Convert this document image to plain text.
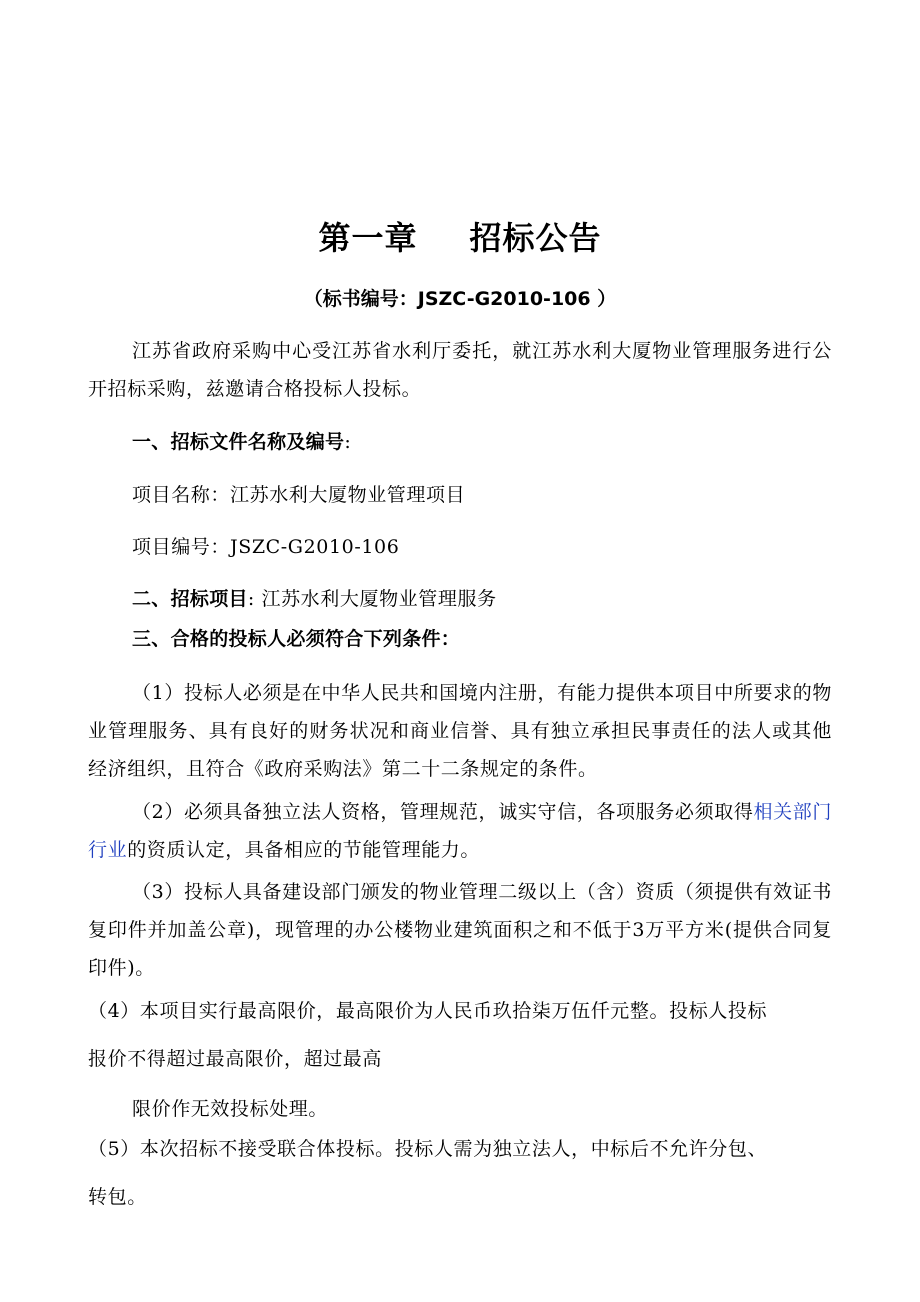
第一章 招标公告
（标书编号：JSZC-G2010-106 ）
江苏省政府采购中心受江苏省水利厅委托，就江苏水利大厦物业管理服务进行公开招标采购，兹邀请合格投标人投标。
一、招标文件名称及编号:
项目名称：江苏水利大厦物业管理项目
项目编号：JSZC-G2010-106
二、招标项目: 江苏水利大厦物业管理服务
三、合格的投标人必须符合下列条件：
（1）投标人必须是在中华人民共和国境内注册，有能力提供本项目中所要求的物业管理服务、具有良好的财务状况和商业信誉、具有独立承担民事责任的法人或其他经济组织，且符合《政府采购法》第二十二条规定的条件。
（2）必须具备独立法人资格，管理规范，诚实守信，各项服务必须取得相关部门行业的资质认定，具备相应的节能管理能力。
（3）投标人具备建设部门颁发的物业管理二级以上（含）资质（须提供有效证书复印件并加盖公章)，现管理的办公楼物业建筑面积之和不低于3万平方米(提供合同复印件)。
（4）本项目实行最高限价，最高限价为人民币玖拾柒万伍仟元整。投标人投标
报价不得超过最高限价，超过最高
限价作无效投标处理。
（5）本次招标不接受联合体投标。投标人需为独立法人，中标后不允许分包、
转包。
